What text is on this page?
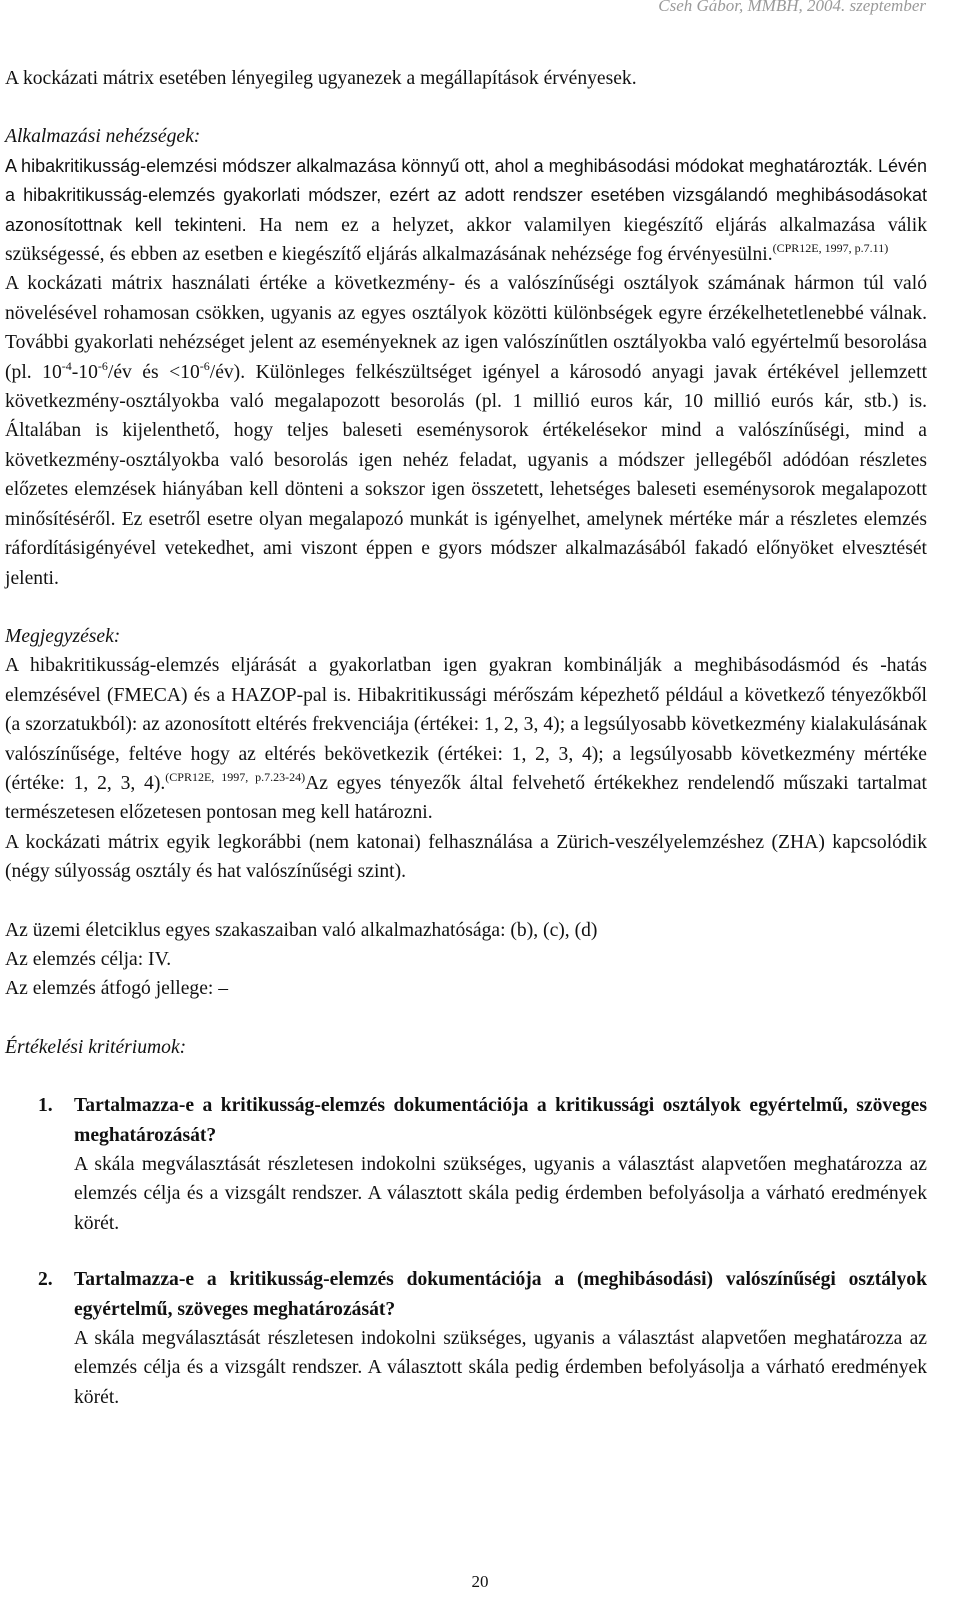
Cseh Gábor, MMBH, 2004. szeptember

A kockázati mátrix esetében lényegileg ugyanezek a megállapítások érvényesek.

Alkalmazási nehézségek:

A hibakritikusság-elemzési módszer alkalmazása könnyű ott, ahol a meghibásodási módokat meghatározták. Lévén a hibakritikusság-elemzés gyakorlati módszer, ezért az adott rendszer esetében vizsgálandó meghibásodásokat azonosítottnak kell tekinteni. Ha nem ez a helyzet, akkor valamilyen kiegészítő eljárás alkalmazása válik szükségessé, és ebben az esetben e kiegészítő eljárás alkalmazásának nehézsége fog érvényesülni.$^{(CPR12E, 1997, p.7.11)}$

A kockázati mátrix használati értéke a következmény- és a valószínűségi osztályok számának hármon túl való növelésével rohamosan csökken, ugyanis az egyes osztályok közötti különbségek egyre érzékelhetetlenebbé válnak. További gyakorlati nehézséget jelent az eseményeknek az igen valószínűtlen osztályokba való egyértelmű besorolása (pl. $10^{-4}-10^{-6}/év$ és $<10^{-6}/év$). Különleges felkészültséget igényel a károsodó anyagi javak értékével jellemzett következmény-osztályokba való megalapozott besorolás (pl. 1 millió euros kár, 10 millió eurós kár, stb.) is. Általában is kijelenthető, hogy teljes baleseti eseménysorok értékelésekor mind a valószínűségi, mind a következmény-osztályokba való besorolás igen nehéz feladat, ugyanis a módszer jellegéből adódóan részletes előzetes elemzések hiányában kell dönteni a sokszor igen összetett, lehetséges baleseti eseménysorok megalapozott minősítéséről. Ez esetről esetre olyan megalapozó munkát is igényelhet, amelynek mértéke már a részletes elemzés ráfordításigényével vetekedhet, ami viszont éppen e gyors módszer alkalmazásából fakadó előnyöket elvesztését jelenti.

Megjegyzések:

A hibakritikusság-elemzés eljárását a gyakorlatban igen gyakran kombinálják a meghibásodásmód és -hatás elemzésével (FMECA) és a HAZOP-pal is. Hibakritikussági mérőszám képezhető például a következő tényezőkből (a szorzatukból): az azonosított eltérés frekvenciája (értékei: 1, 2, 3, 4); a legsúlyosabb következmény kialakulásának valószínűsége, feltéve hogy az eltérés bekövetkezik (értékei: 1, 2, 3, 4); a legsúlyosabb következmény mértéke (értéke: 1, 2, 3, 4).$^{(CPR12E, 1997, p.7.23-24)}$Az egyes tényezők által felvehető értékekhez rendelendő műszaki tartalmat természetesen előzetesen pontosan meg kell határozni.

A kockázati mátrix egyik legkorábbi (nem katonai) felhasználása a Zürich-veszélyelemzéshez (ZHA) kapcsolódik (négy súlyosság osztály és hat valószínűségi szint).

Az üzemi életciklus egyes szakaszaiban való alkalmazhatósága: (b), (c), (d)

Az elemzés célja: IV.

Az elemzés átfogó jellege: –

Értékelési kritériumok:

1. Tartalmazza-e a kritikusság-elemzés dokumentációja a kritikussági osztályok egyértelmű, szöveges meghatározását?

A skála megválasztását részletesen indokolni szükséges, ugyanis a választást alapvetően meghatározza az elemzés célja és a vizsgált rendszer. A választott skála pedig érdemben befolyásolja a várható eredmények körét.

2. Tartalmazza-e a kritikusság-elemzés dokumentációja a (meghibásodási) valószínűségi osztályok egyértelmű, szöveges meghatározását?

A skála megválasztását részletesen indokolni szükséges, ugyanis a választást alapvetően meghatározza az elemzés célja és a vizsgált rendszer. A választott skála pedig érdemben befolyásolja a várható eredmények körét.

20
